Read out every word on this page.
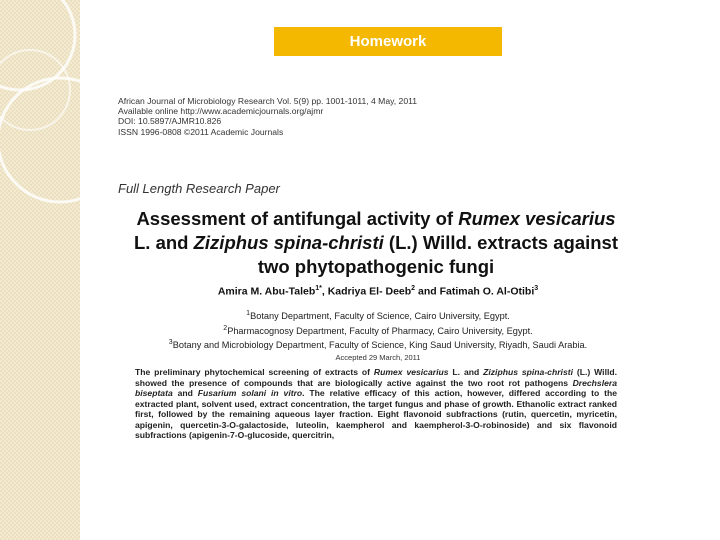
Homework
African Journal of Microbiology Research Vol. 5(9) pp. 1001-1011, 4 May, 2011
Available online http://www.academicjournals.org/ajmr
DOI: 10.5897/AJMR10.826
ISSN 1996-0808 ©2011 Academic Journals
Full Length Research Paper
Assessment of antifungal activity of Rumex vesicarius
L. and Ziziphus spina-christi (L.) Willd. extracts against
two phytopathogenic fungi
Amira M. Abu-Taleb$^{1*}$, Kadriya El- Deeb$^2$ and Fatimah O. Al-Otibi$^3$
$^1$Botany Department, Faculty of Science, Cairo University, Egypt.
$^2$Pharmacognosy Department, Faculty of Pharmacy, Cairo University, Egypt.
$^3$Botany and Microbiology Department, Faculty of Science, King Saud University, Riyadh, Saudi Arabia.
Accepted 29 March, 2011
The preliminary phytochemical screening of extracts of Rumex vesicarius L. and Ziziphus spina-christi (L.) Willd. showed the presence of compounds that are biologically active against the two root rot pathogens Drechslera biseptata and Fusarium solani in vitro. The relative efficacy of this action, however, differed according to the extracted plant, solvent used, extract concentration, the target fungus and phase of growth. Ethanolic extract ranked first, followed by the remaining aqueous layer fraction. Eight flavonoid subfractions (rutin, quercetin, myricetin, apigenin, quercetin-3-O-galactoside, luteolin, kaempherol and kaempherol-3-O-robinoside) and six flavonoid subfractions (apigenin-7-O-glucoside, quercitrin,
